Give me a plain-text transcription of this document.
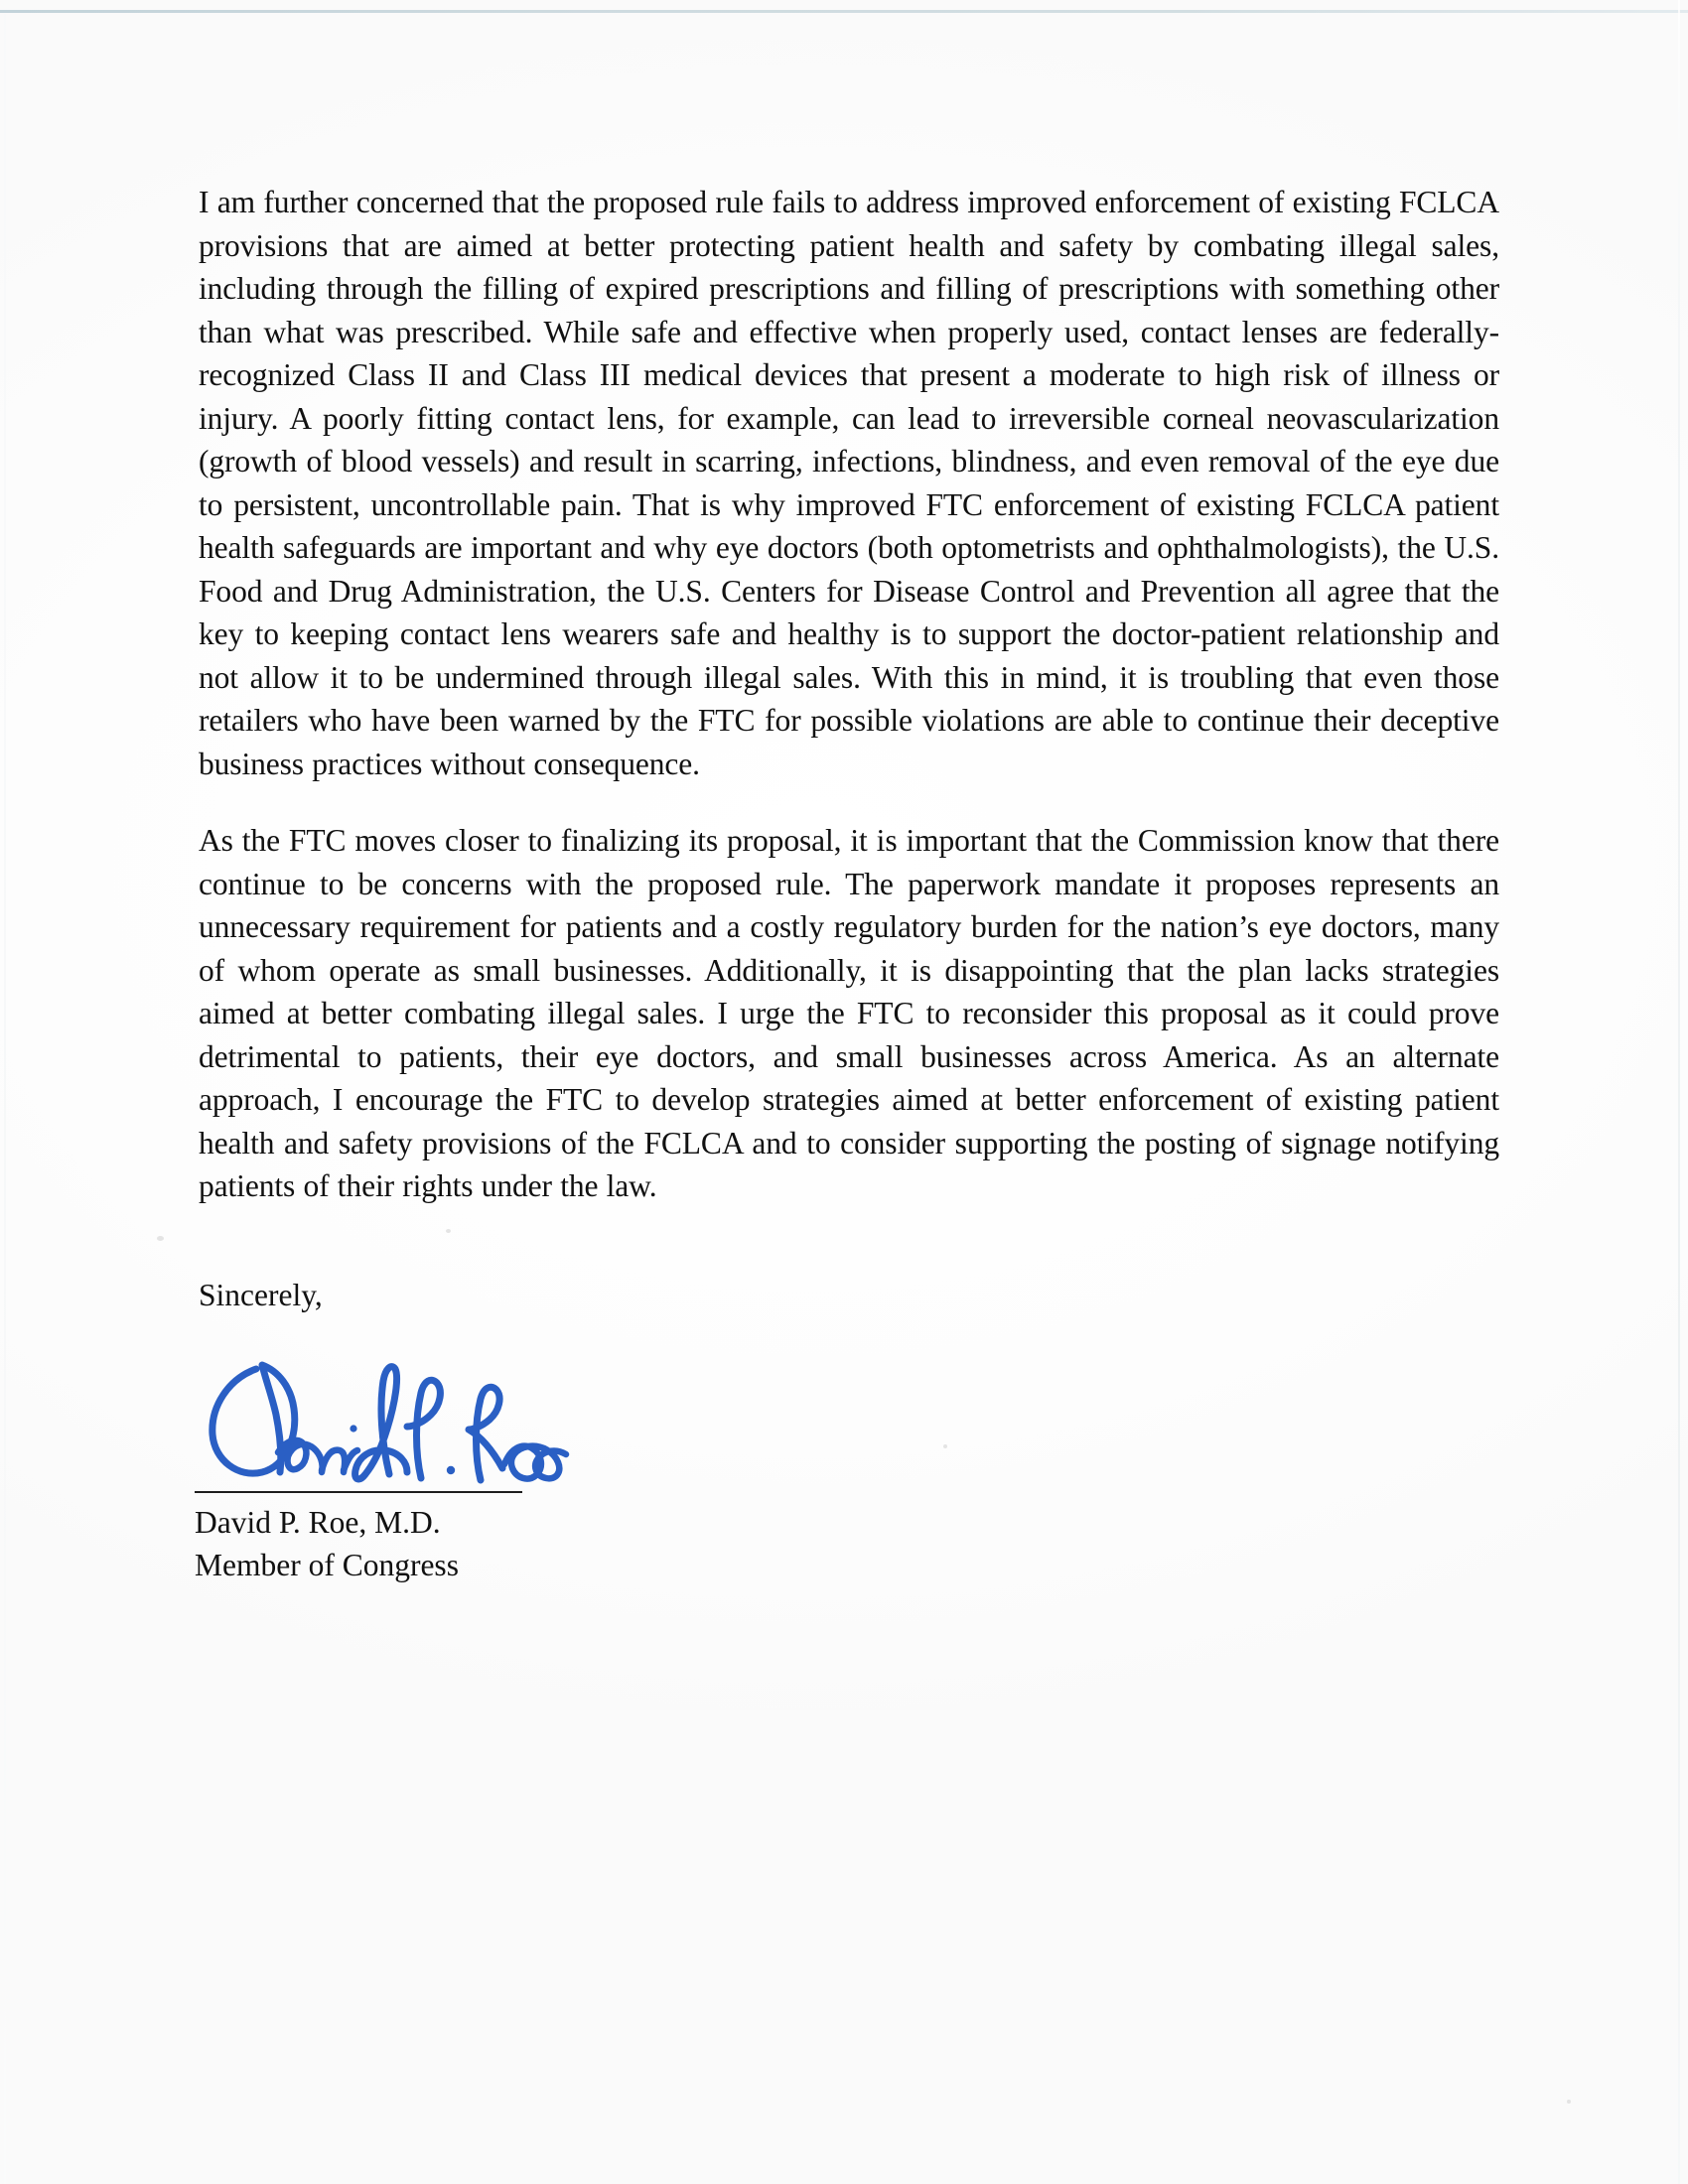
I am further concerned that the proposed rule fails to address improved enforcement of existing FCLCA provisions that are aimed at better protecting patient health and safety by combating illegal sales, including through the filling of expired prescriptions and filling of prescriptions with something other than what was prescribed. While safe and effective when properly used, contact lenses are federally-recognized Class II and Class III medical devices that present a moderate to high risk of illness or injury. A poorly fitting contact lens, for example, can lead to irreversible corneal neovascularization (growth of blood vessels) and result in scarring, infections, blindness, and even removal of the eye due to persistent, uncontrollable pain. That is why improved FTC enforcement of existing FCLCA patient health safeguards are important and why eye doctors (both optometrists and ophthalmologists), the U.S. Food and Drug Administration, the U.S. Centers for Disease Control and Prevention all agree that the key to keeping contact lens wearers safe and healthy is to support the doctor-patient relationship and not allow it to be undermined through illegal sales. With this in mind, it is troubling that even those retailers who have been warned by the FTC for possible violations are able to continue their deceptive business practices without consequence.

As the FTC moves closer to finalizing its proposal, it is important that the Commission know that there continue to be concerns with the proposed rule. The paperwork mandate it proposes represents an unnecessary requirement for patients and a costly regulatory burden for the nation’s eye doctors, many of whom operate as small businesses. Additionally, it is disappointing that the plan lacks strategies aimed at better combating illegal sales. I urge the FTC to reconsider this proposal as it could prove detrimental to patients, their eye doctors, and small businesses across America. As an alternate approach, I encourage the FTC to develop strategies aimed at better enforcement of existing patient health and safety provisions of the FCLCA and to consider supporting the posting of signage notifying patients of their rights under the law.

Sincerely,
David P. Roe, M.D.
Member of Congress
